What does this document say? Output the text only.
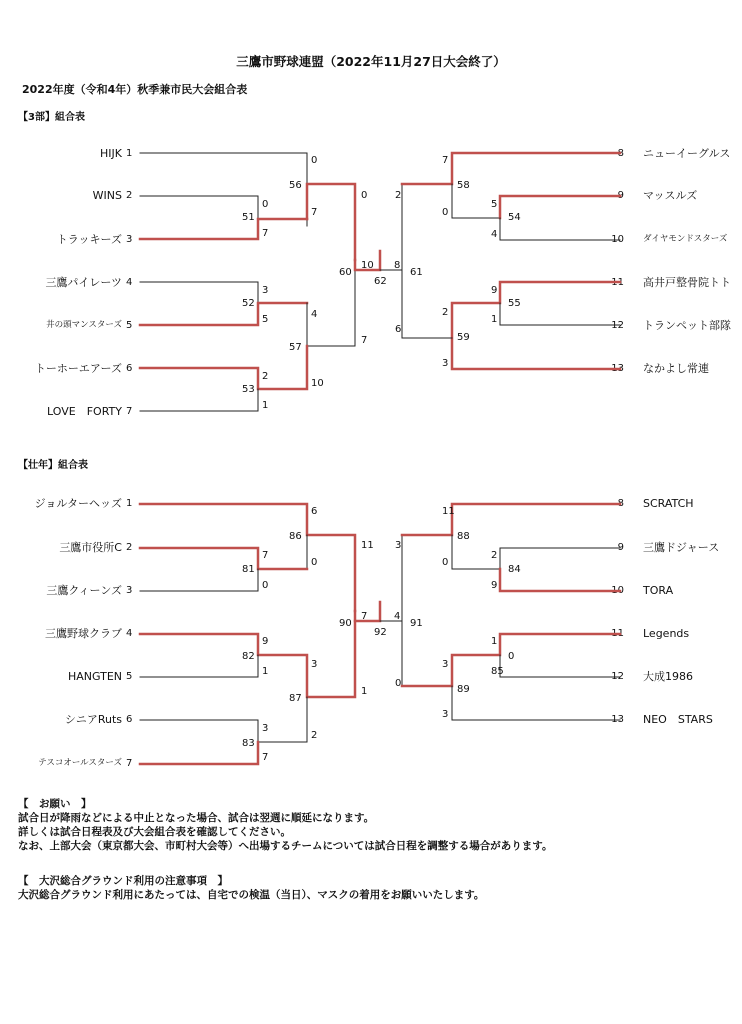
三鷹市野球連盟（2022年11月27日大会終了）
2022年度（令和4年）秋季兼市民大会組合表
【3部】組合表
【壮年】組合表
HIJK
WINS
トラッキーズ
三鷹パイレーツ
井の頭マンスターズ
トーホーエアーズ
LOVE　FORTY
1
2
3
4
5
6
7
8
9
10
11
12
13
ニューイーグルス
マッスルズ
ダイヤモンドスターズ
高井戸整骨院トト
トランペット部隊
なかよし常連
ジョルターヘッズ
三鷹市役所C
三鷹クィーンズ
三鷹野球クラブ
HANGTEN
シニアRuts
テスコオールスターズ
1
2
3
4
5
6
7
8
9
10
11
12
13
SCRATCH
三鷹ドジャース
TORA
Legends
大成1986
NEO　STARS
0
7
56
0
7
51
0
3
5
52
4
57
7
2
1
53
10
60
10
62
8
61
7
2
58
0
5
4
54
6
2
59
3
9
1
55
6
86
0
7
81
0
11
9
82
1
3
87
1
3
83
7
2
90
7
92
4
91
11
3
88
0
2
9
84
0
3
89
3
1
85
0
【　お願い　】
試合日が降雨などによる中止となった場合、試合は翌週に順延になります。
詳しくは試合日程表及び大会組合表を確認してください。
なお、上部大会（東京都大会、市町村大会等）へ出場するチームについては試合日程を調整する場合があります。
【　大沢総合グラウンド利用の注意事項　】
大沢総合グラウンド利用にあたっては、自宅での検温（当日）、マスクの着用をお願いいたします。
